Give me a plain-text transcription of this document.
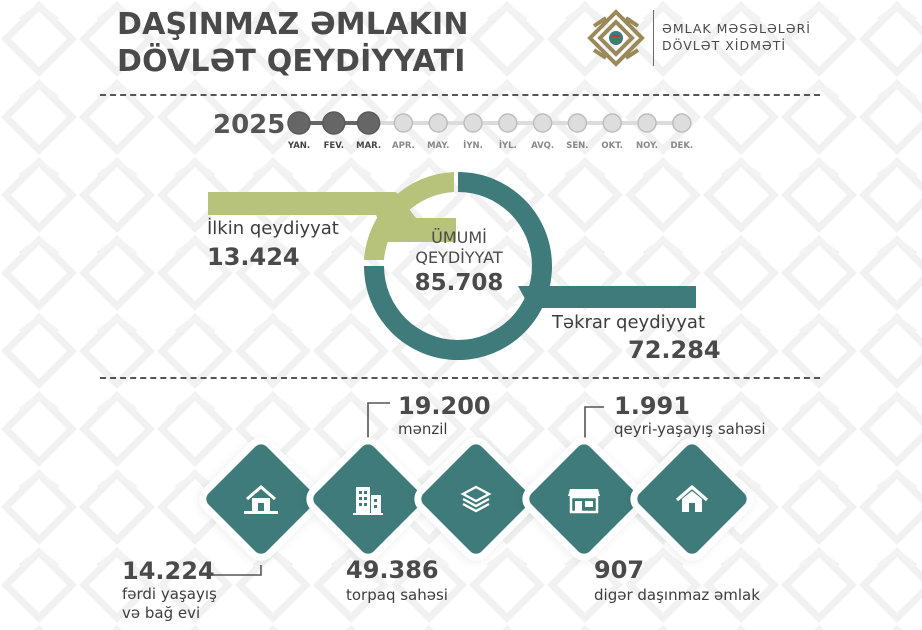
DAŞINMAZ ƏMLAKIN
DÖVLƏT QEYDİYYATI
ƏMLAK MƏSƏLƏLƏRİ
DÖVLƏT XİDMƏTİ
2025
YAN. FEV. MAR. APR. MAY. İYN. İYL. AVQ. SEN. OKT. NOY. DEK.
İlkin qeydiyyat
13.424
ÜMUMİ
QEYDİYYAT
85.708
Təkrar qeydiyyat
72.284
14.224
fərdi yaşayış
və bağ evi
19.200
mənzil
49.386
torpaq sahəsi
1.991
qeyri-yaşayış sahəsi
907
digər daşınmaz əmlak
